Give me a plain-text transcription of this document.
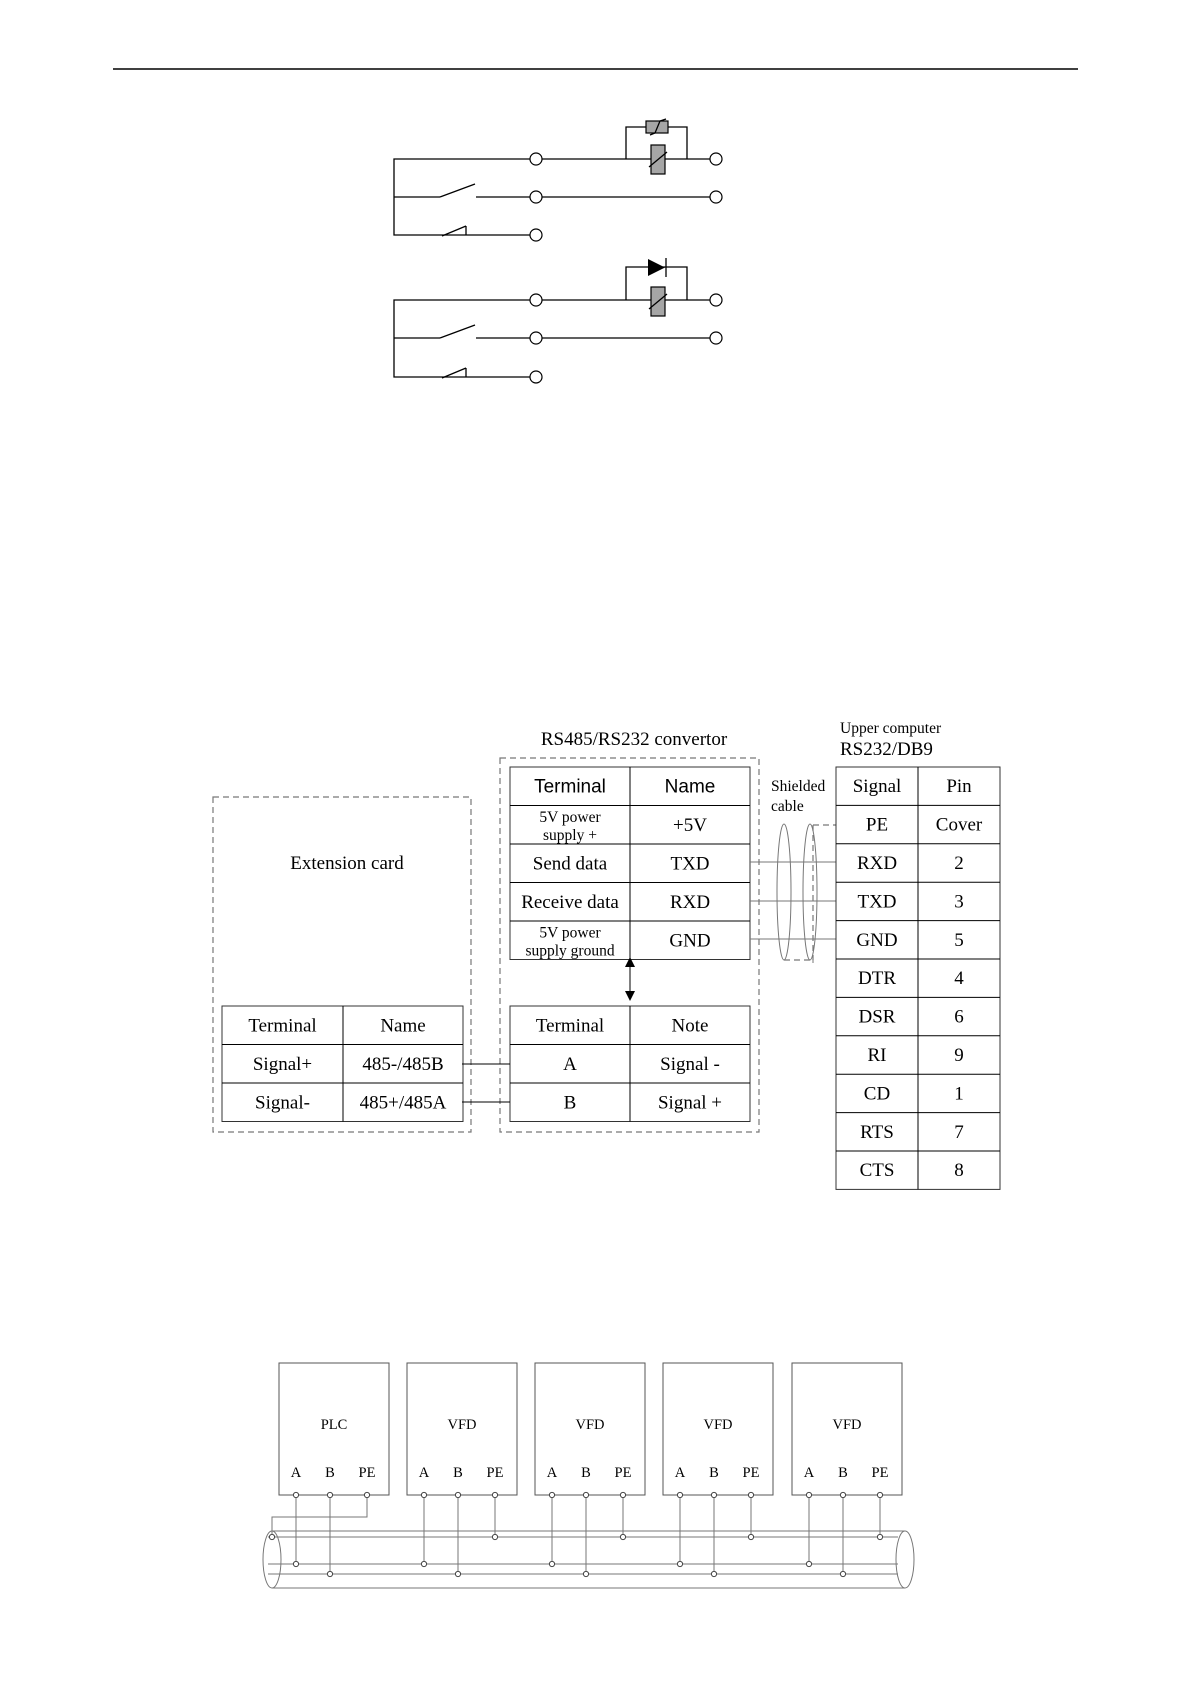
Extension card
Terminal	Name
Signal+	485-/485B
Signal-	485+/485A
RS485/RS232 convertor
Terminal	Name
5V power
supply +	+5V
Send data	TXD
Receive data	RXD
5V power
supply ground	GND
Terminal	Note
A	Signal -
B	Signal +
Shielded
cable
Upper computer
RS232/DB9
Signal Pin
PE	Cover
RXD	2
TXD	3
GND	5
DTR	4
DSR	6
RI	9
CD	1
RTS	7
CTS	8
PLC
A B PE
VFD
A B PE
VFD
A B PE
VFD
A B PE
VFD
A B PE
